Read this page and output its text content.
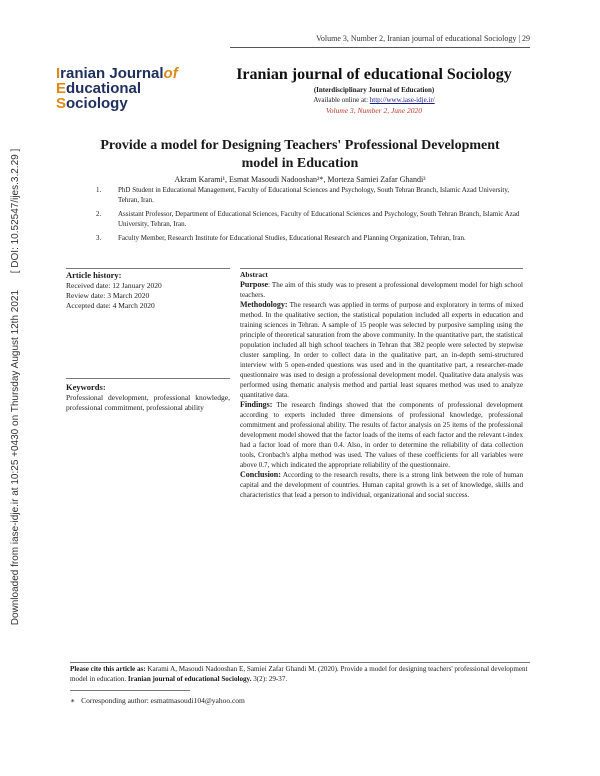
Volume 3, Number 2, Iranian journal of educational Sociology | 29
Downloaded from iase-idje.ir at 10:25 +0430 on Thursday August 12th 2021      [ DOI: 10.52547/ijes.3.2.29 ]
Iranian Journalof
Educational
Sociology
Iranian journal of educational Sociology
(Interdisciplinary Journal of Education)
Available online at: http://www.iase-idje.ir/
Volume 3, Number 2, June 2020
Provide a model for Designing Teachers' Professional Development model in Education
Akram Karami¹, Esmat Masoudi Nadooshan²*, Morteza Samiei Zafar Ghandi³
1. PhD Student in Educational Management, Faculty of Educational Sciences and Psychology, South Tehran Branch, Islamic Azad University, Tehran, Iran.
2. Assistant Professor, Department of Educational Sciences, Faculty of Educational Sciences and Psychology, South Tehran Branch, Islamic Azad University, Tehran, Iran.
3. Faculty Member, Research Institute for Educational Studies, Educational Research and Planning Organization, Tehran, Iran.
Article history:
Received date: 12 January 2020
Review date: 3 March 2020
Accepted date: 4 March 2020
Keywords:
Professional development, professional knowledge, professional commitment, professional ability
Abstract

Purpose: The aim of this study was to present a professional development model for high school teachers.

Methodology: The research was applied in terms of purpose and exploratory in terms of mixed method. In the qualitative section, the statistical population included all experts in education and training sciences in Tehran. A sample of 15 people was selected by purposive sampling using the principle of theoretical saturation from the above community. In the quantitative part, the statistical population included all high school teachers in Tehran that 382 people were selected by stepwise cluster sampling. In order to collect data in the qualitative part, an in-depth semi-structured interview with 5 open-ended questions was used and in the quantitative part, a researcher-made questionnaire was used to design a professional development model. Qualitative data analysis was performed using thematic analysis method and partial least squares method was used to analyze quantitative data.

Findings: The research findings showed that the components of professional development according to experts included three dimensions of professional knowledge, professional commitment and professional ability. The results of factor analysis on 25 items of the professional development model showed that the factor loads of the items of each factor and the relevant t-index had a factor load of more than 0.4. Also, in order to determine the reliability of data collection tools, Cronbach's alpha method was used. The values of these coefficients for all variables were above 0.7, which indicated the appropriate reliability of the questionnaire.

Conclusion: According to the research results, there is a strong link between the role of human capital and the development of countries. Human capital growth is a set of knowledge, skills and characteristics that lead a person to individual, organizational and social success.

Please cite this article as: Karami A, Masoudi Nadooshan E, Samiei Zafar Ghandi M. (2020). Provide a model for designing teachers' professional development model in education. Iranian journal of educational Sociology. 3(2): 29-37.
∗ Corresponding author: esmatmasoudi104@yahoo.com
